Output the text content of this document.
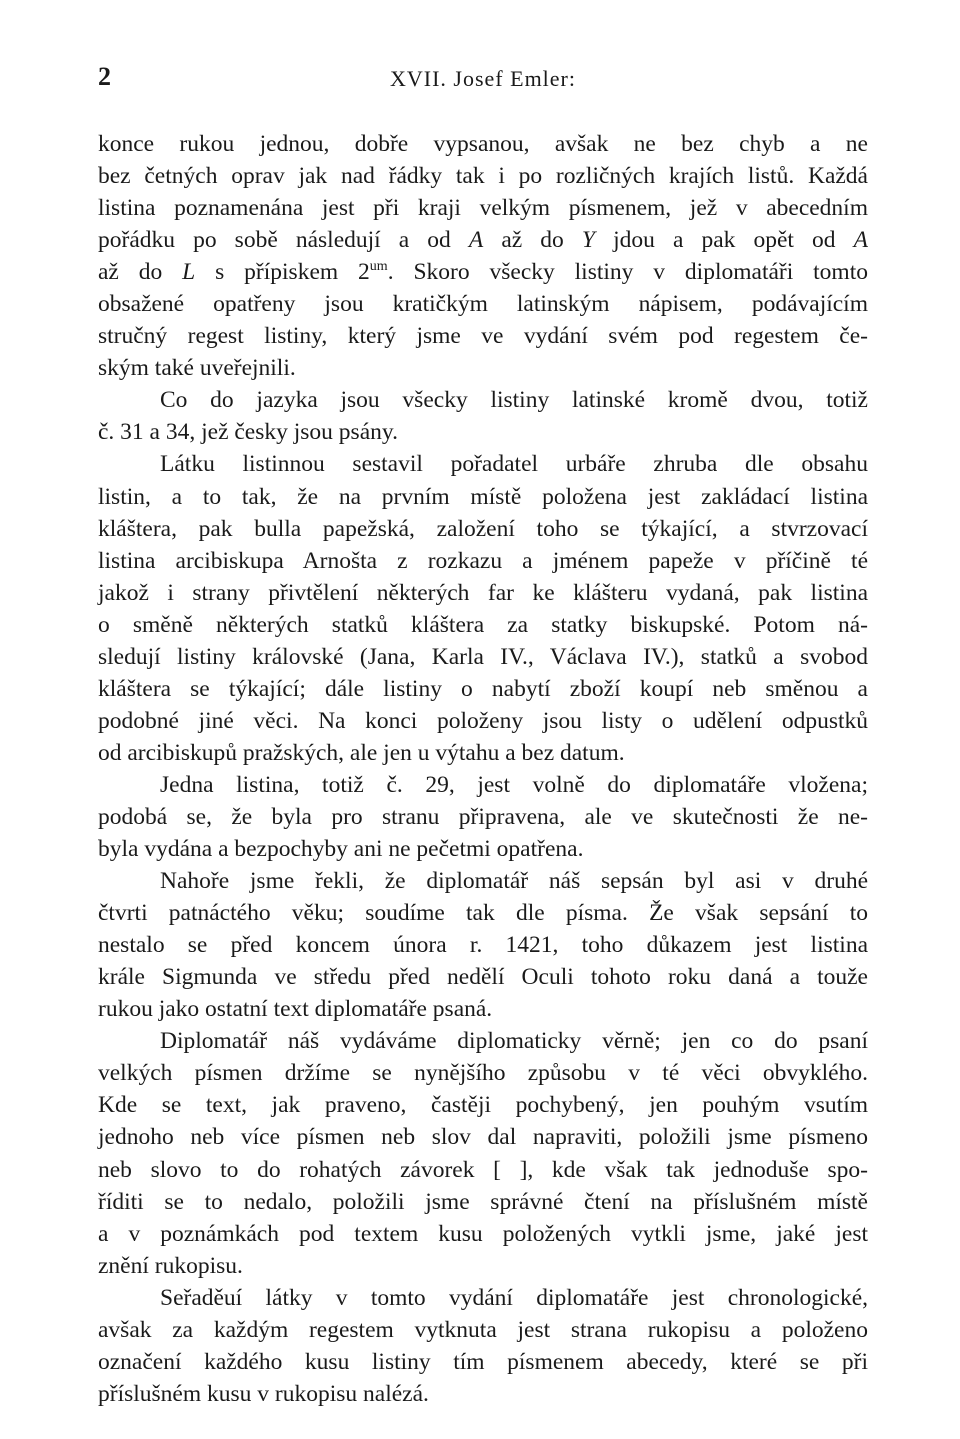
2	XVII. Josef Emler:
konce rukou jednou, dobře vypsanou, avšak ne bez chyb a ne
bez četných oprav jak nad řádky tak i po rozličných krajích listů. Každá
listina poznamenána jest při kraji velkým písmenem, jež v abecedním
pořádku po sobě následují a od A až do Y jdou a pak opět od A
až do L s přípiskem $2^{um}$. Skoro všecky listiny v diplomatáři tomto
obsažené opatřeny jsou kratičkým latinským nápisem, podávajícím
stručný regest listiny, který jsme ve vydání svém pod regestem če-
ským také uveřejnili.
Co do jazyka jsou všecky listiny latinské kromě dvou, totiž
č. 31 a 34, jež česky jsou psány.
Látku listinnou sestavil pořadatel urbáře zhruba dle obsahu
listin, a to tak, že na prvním místě položena jest zakládací listina
kláštera, pak bulla papežská, založení toho se týkající, a stvrzovací
listina arcibiskupa Arnošta z rozkazu a jménem papeže v příčině té
jakož i strany přivtělení některých far ke klášteru vydaná, pak listina
o směně některých statků kláštera za statky biskupské. Potom ná-
sledují listiny královské (Jana, Karla IV., Václava IV.), statků a svobod
kláštera se týkající; dále listiny o nabytí zboží koupí neb směnou a
podobné jiné věci. Na konci položeny jsou listy o udělení odpustků
od arcibiskupů pražských, ale jen u výtahu a bez datum.
Jedna listina, totiž č. 29, jest volně do diplomatáře vložena;
podobá se, že byla pro stranu připravena, ale ve skutečnosti že ne-
byla vydána a bezpochyby ani ne pečetmi opatřena.
Nahoře jsme řekli, že diplomatář náš sepsán byl asi v druhé
čtvrti patnáctého věku; soudíme tak dle písma. Že však sepsání to
nestalo se před koncem února r. 1421, toho důkazem jest listina
krále Sigmunda ve středu před nedělí Oculi tohoto roku daná a touže
rukou jako ostatní text diplomatáře psaná.
Diplomatář náš vydáváme diplomaticky věrně; jen co do psaní
velkých písmen držíme se nynějšího způsobu v té věci obvyklého.
Kde se text, jak praveno, častěji pochybený, jen pouhým vsutím
jednoho neb více písmen neb slov dal napraviti, položili jsme písmeno
neb slovo to do rohatých závorek [ ], kde však tak jednoduše spo-
říditi se to nedalo, položili jsme správné čtení na příslušném místě
a v poznámkách pod textem kusu položených vytkli jsme, jaké jest
znění rukopisu.
Seřaděuí látky v tomto vydání diplomatáře jest chronologické,
avšak za každým regestem vytknuta jest strana rukopisu a položeno
označení každého kusu listiny tím písmenem abecedy, které se při
příslušném kusu v rukopisu nalézá.
